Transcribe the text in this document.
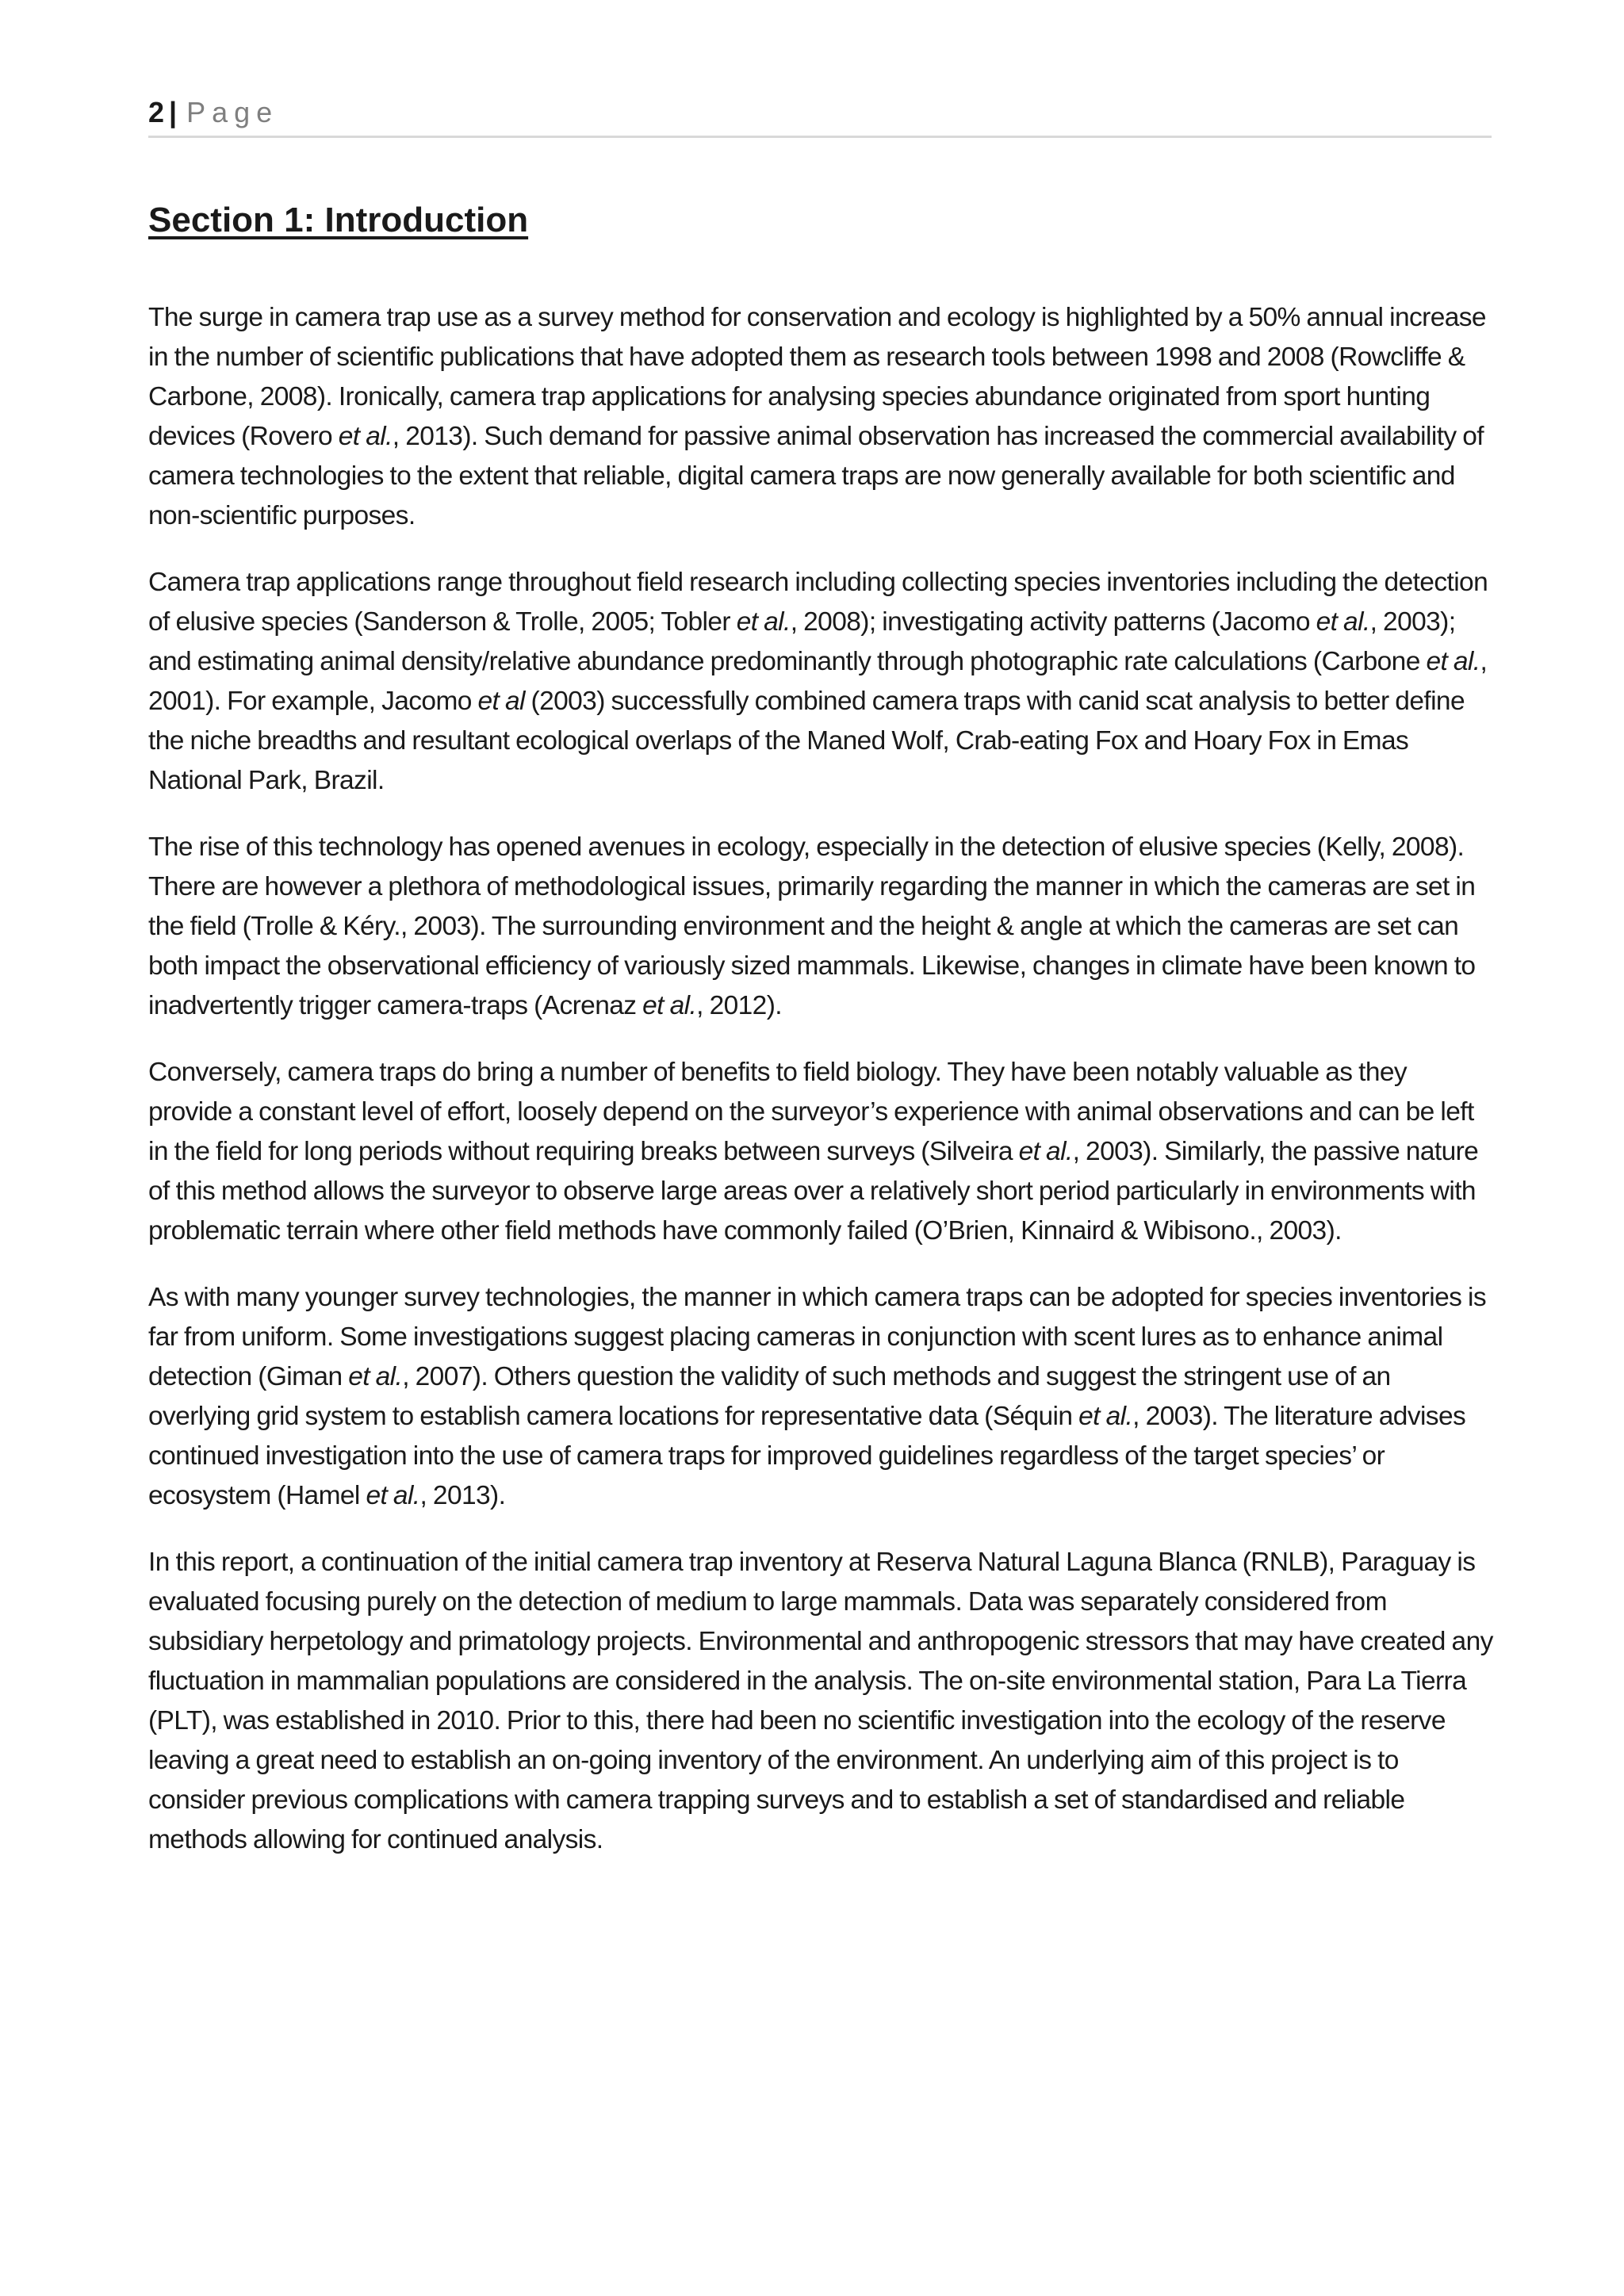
2 | Page
Section 1: Introduction

The surge in camera trap use as a survey method for conservation and ecology is highlighted by a 50% annual increase in the number of scientific publications that have adopted them as research tools between 1998 and 2008 (Rowcliffe & Carbone, 2008). Ironically, camera trap applications for analysing species abundance originated from sport hunting devices (Rovero et al., 2013). Such demand for passive animal observation has increased the commercial availability of camera technologies to the extent that reliable, digital camera traps are now generally available for both scientific and non-scientific purposes.

Camera trap applications range throughout field research including collecting species inventories including the detection of elusive species (Sanderson & Trolle, 2005; Tobler et al., 2008); investigating activity patterns (Jacomo et al., 2003); and estimating animal density/relative abundance predominantly through photographic rate calculations (Carbone et al., 2001). For example, Jacomo et al (2003) successfully combined camera traps with canid scat analysis to better define the niche breadths and resultant ecological overlaps of the Maned Wolf, Crab-eating Fox and Hoary Fox in Emas National Park, Brazil.

The rise of this technology has opened avenues in ecology, especially in the detection of elusive species (Kelly, 2008). There are however a plethora of methodological issues, primarily regarding the manner in which the cameras are set in the field (Trolle & Kéry., 2003). The surrounding environment and the height & angle at which the cameras are set can both impact the observational efficiency of variously sized mammals. Likewise, changes in climate have been known to inadvertently trigger camera-traps (Acrenaz et al., 2012).

Conversely, camera traps do bring a number of benefits to field biology. They have been notably valuable as they provide a constant level of effort, loosely depend on the surveyor’s experience with animal observations and can be left in the field for long periods without requiring breaks between surveys (Silveira et al., 2003). Similarly, the passive nature of this method allows the surveyor to observe large areas over a relatively short period particularly in environments with problematic terrain where other field methods have commonly failed (O’Brien, Kinnaird & Wibisono., 2003).

As with many younger survey technologies, the manner in which camera traps can be adopted for species inventories is far from uniform. Some investigations suggest placing cameras in conjunction with scent lures as to enhance animal detection (Giman et al., 2007). Others question the validity of such methods and suggest the stringent use of an overlying grid system to establish camera locations for representative data (Séquin et al., 2003). The literature advises continued investigation into the use of camera traps for improved guidelines regardless of the target species’ or ecosystem (Hamel et al., 2013).

In this report, a continuation of the initial camera trap inventory at Reserva Natural Laguna Blanca (RNLB), Paraguay is evaluated focusing purely on the detection of medium to large mammals. Data was separately considered from subsidiary herpetology and primatology projects. Environmental and anthropogenic stressors that may have created any fluctuation in mammalian populations are considered in the analysis. The on-site environmental station, Para La Tierra (PLT), was established in 2010. Prior to this, there had been no scientific investigation into the ecology of the reserve leaving a great need to establish an on-going inventory of the environment. An underlying aim of this project is to consider previous complications with camera trapping surveys and to establish a set of standardised and reliable methods allowing for continued analysis.
